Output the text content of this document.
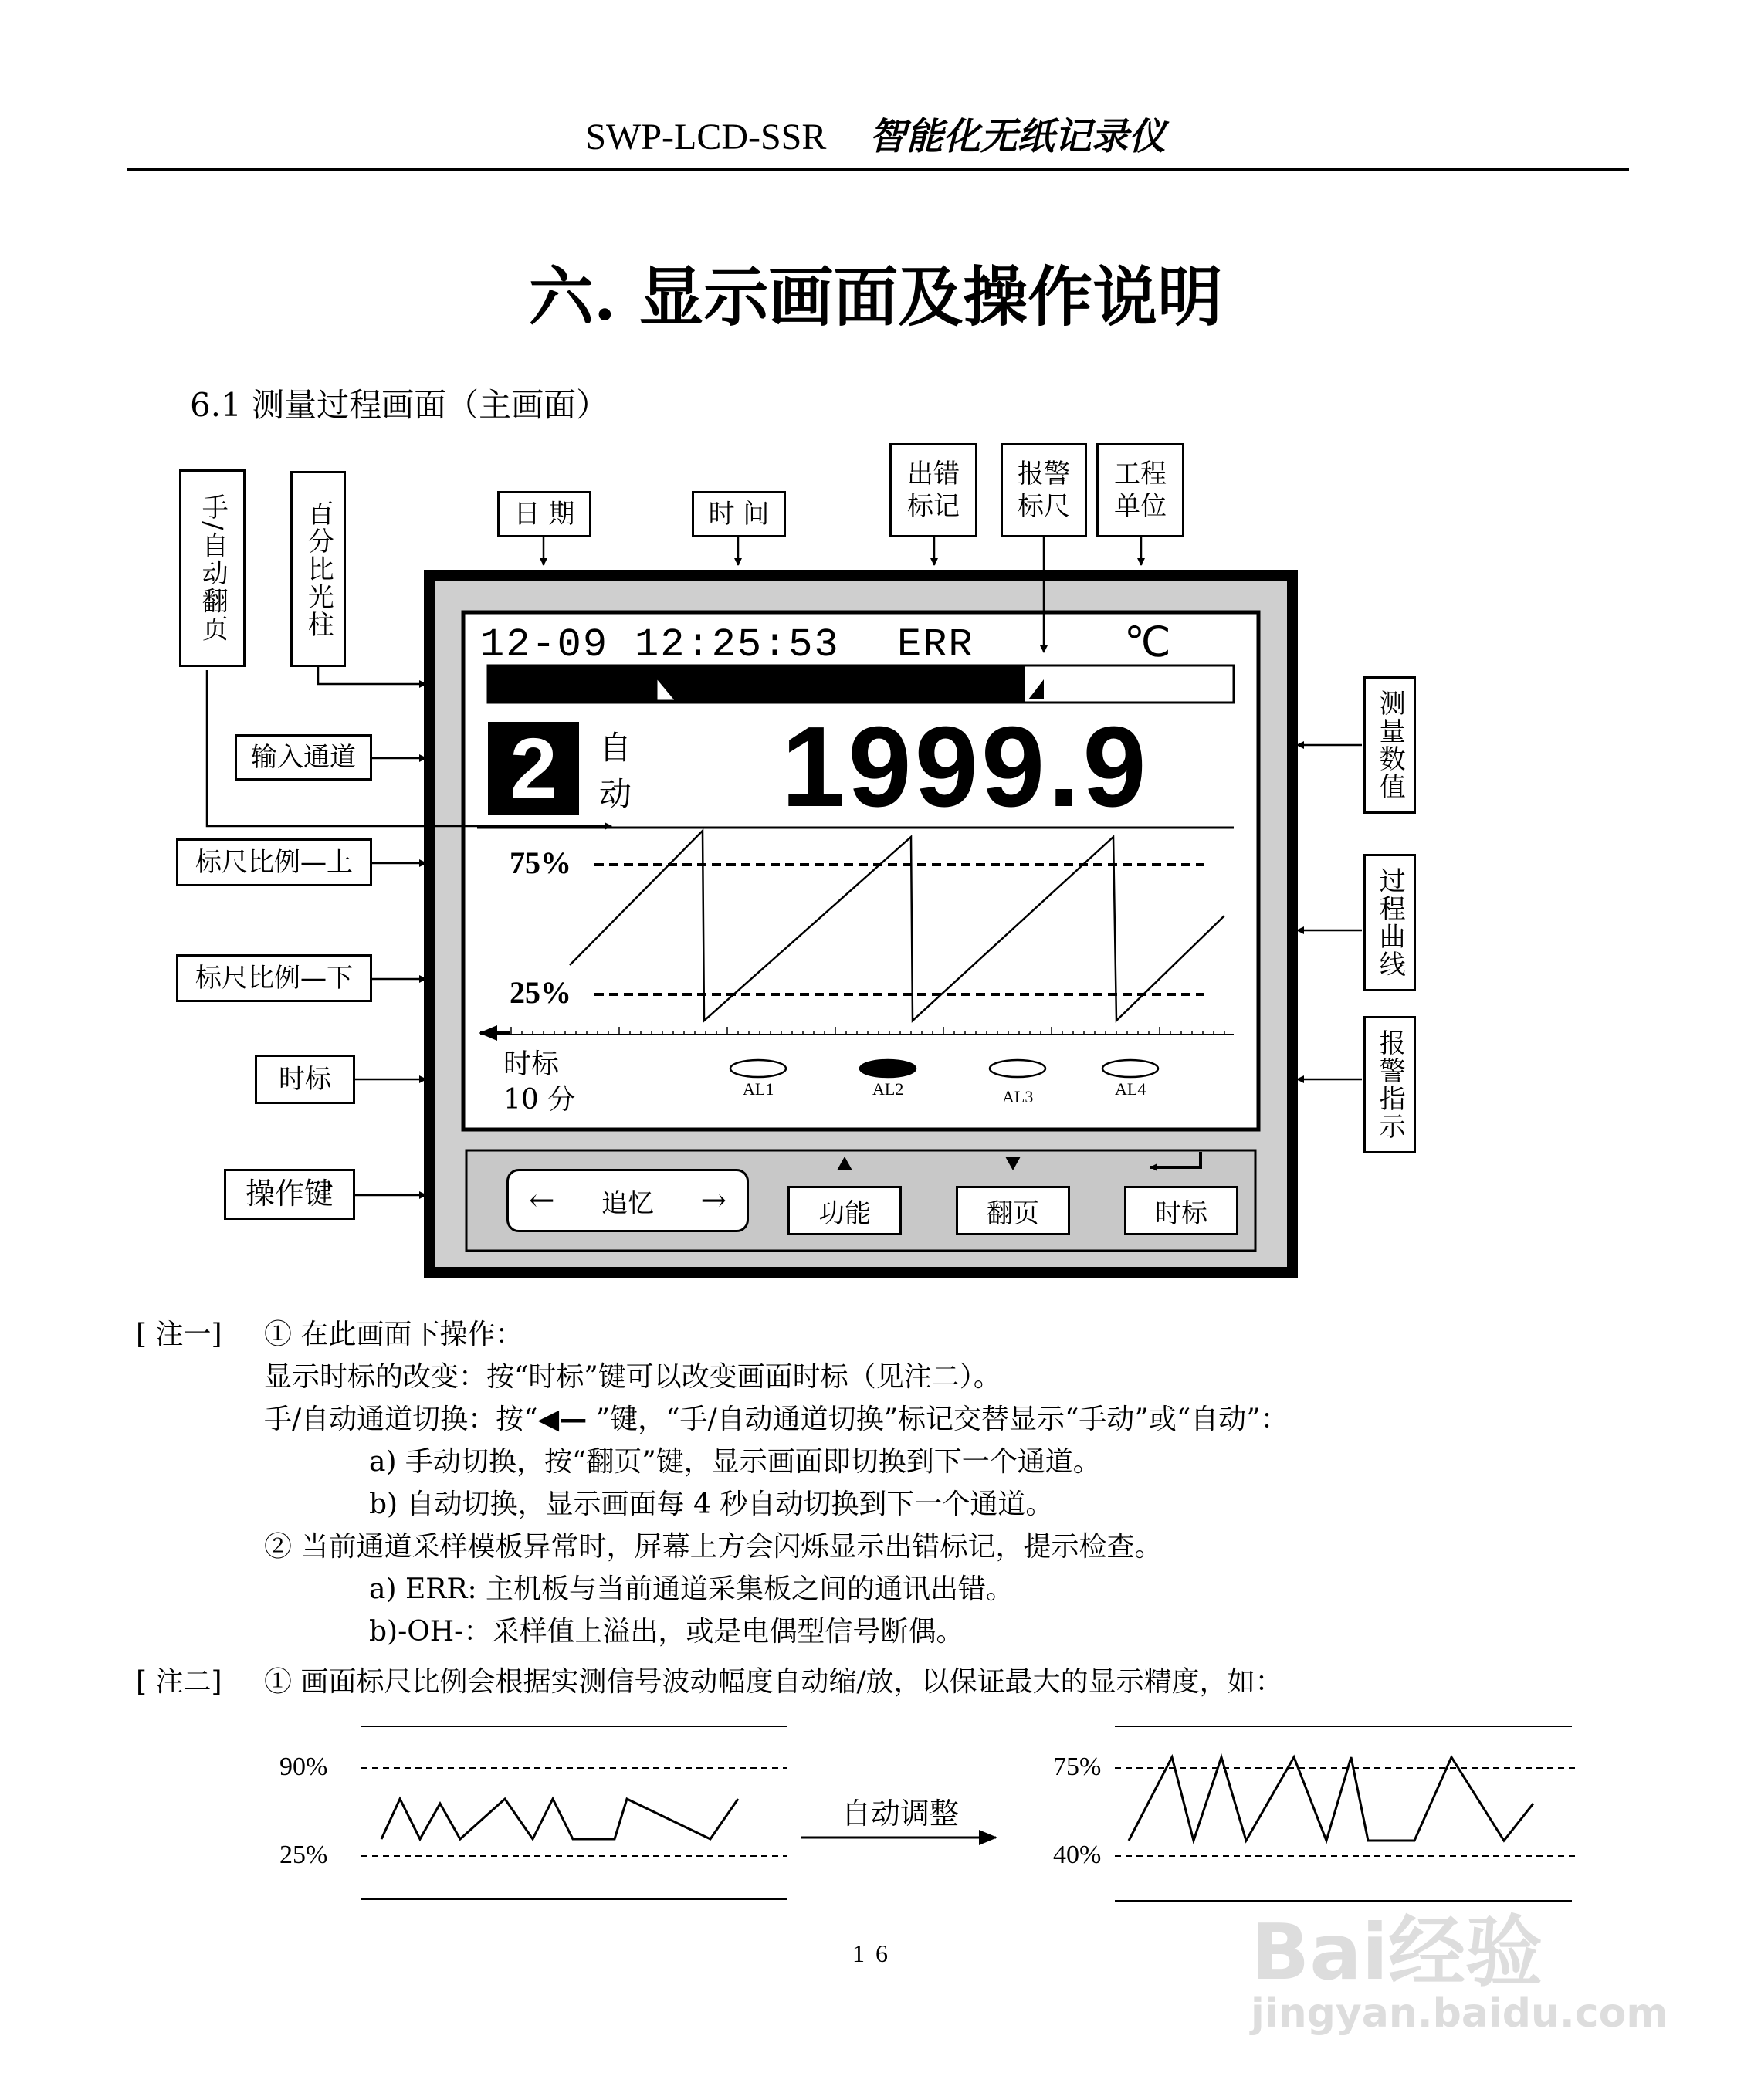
SWP-LCD-SSR 智能化无纸记录仪
六. 显示画面及操作说明
6.1 测量过程画面（主画面）
日 期	时 间
出错标记
报警标尺
工程单位
手/自动翻页	百分比光柱
输入通道
标尺比例—上
标尺比例—下
时标
操作键
测量数值
过程曲线
报警指示
12-09 12:25:53 ERR	℃
2	自
动 1999.9
75%
25%
时标
10 分	AL1	AL2	AL3	AL4
← 追忆 →	功能	翻页	时标
[ 注一] ① 在此画面下操作：
显示时标的改变：按“时标”键可以改变画面时标（见注二）。
手/自动通道切换：按“◀— ”键，“手/自动通道切换”标记交替显示“手动”或“自动”：
a) 手动切换，按“翻页”键，显示画面即切换到下一个通道。
b) 自动切换，显示画面每 4 秒自动切换到下一个通道。
② 当前通道采样模板异常时，屏幕上方会闪烁显示出错标记，提示检查。
a) ERR: 主机板与当前通道采集板之间的通讯出错。
b)-OH-：采样值上溢出，或是电偶型信号断偶。
[ 注二] ① 画面标尺比例会根据实测信号波动幅度自动缩/放，以保证最大的显示精度，如：
90%
25%
自动调整
75%
40%
16	Bai经验
jingyan.baidu.com
